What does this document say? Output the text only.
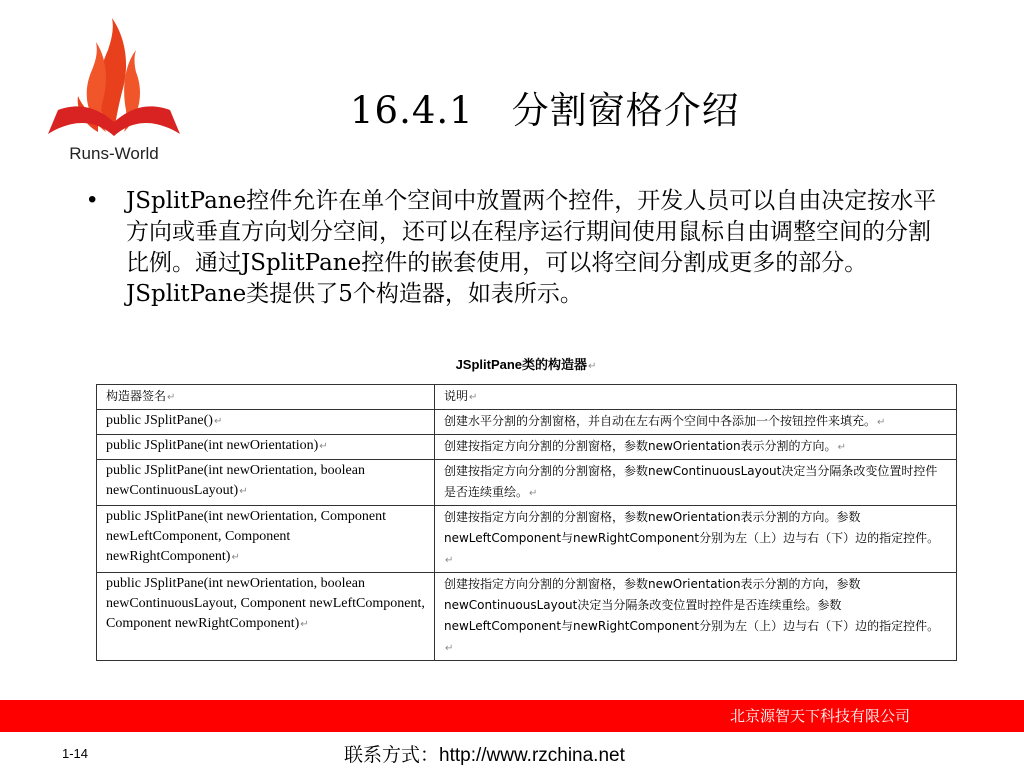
Runs-World
16.4.1　分割窗格介绍
• JSplitPane控件允许在单个空间中放置两个控件，开发人员可以自由决定按水平方向或垂直方向划分空间，还可以在程序运行期间使用鼠标自由调整空间的分割比例。通过JSplitPane控件的嵌套使用，可以将空间分割成更多的部分。JSplitPane类提供了5个构造器，如表所示。

JSplitPane类的构造器↵
构造器签名↵	说明↵
public JSplitPane()↵	创建水平分割的分割窗格，并自动在左右两个空间中各添加一个按钮控件来填充。↵
public JSplitPane(int newOrientation)↵	创建按指定方向分割的分割窗格，参数newOrientation表示分割的方向。↵
public JSplitPane(int newOrientation, boolean newContinuousLayout)↵	创建按指定方向分割的分割窗格，参数newContinuousLayout决定当分隔条改变位置时控件是否连续重绘。↵
public JSplitPane(int newOrientation, Component newLeftComponent, Component newRightComponent)↵	创建按指定方向分割的分割窗格，参数newOrientation表示分割的方向。参数newLeftComponent与newRightComponent分别为左（上）边与右（下）边的指定控件。↵
public JSplitPane(int newOrientation, boolean newContinuousLayout, Component newLeftComponent, Component newRightComponent)↵	创建按指定方向分割的分割窗格，参数newOrientation表示分割的方向，参数newContinuousLayout决定当分隔条改变位置时控件是否连续重绘。参数newLeftComponent与newRightComponent分别为左（上）边与右（下）边的指定控件。↵
北京源智天下科技有限公司
1-14	联系方式：http://www.rzchina.net
